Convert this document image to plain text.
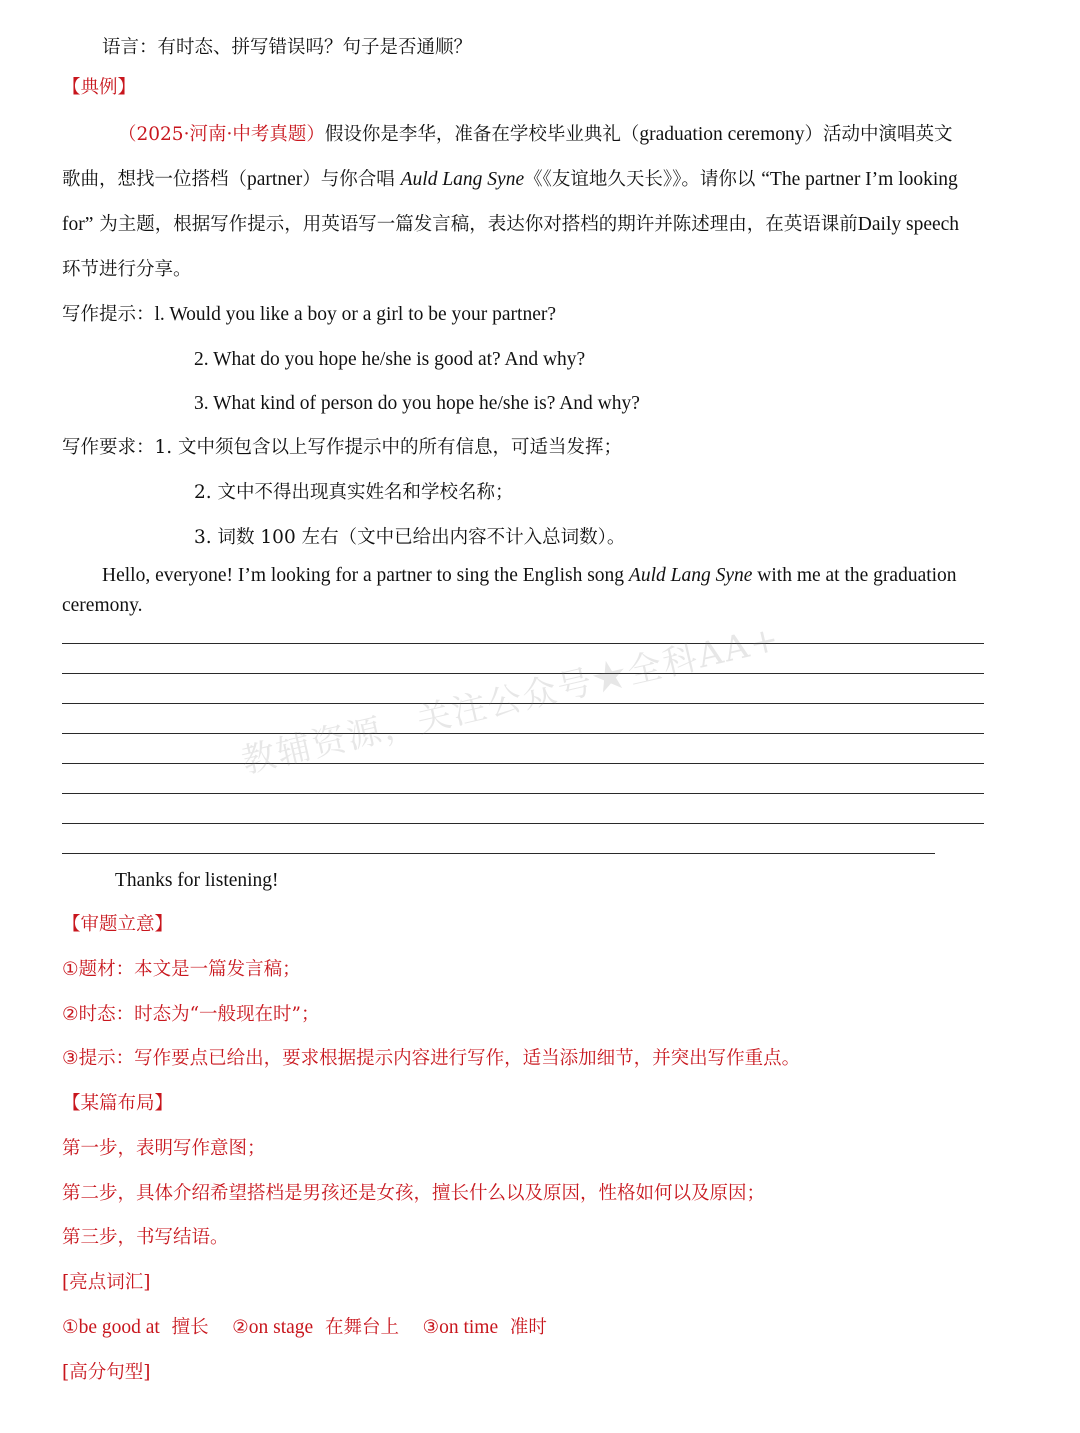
语言：有时态、拼写错误吗？句子是否通顺？
【典例】
（2025·河南·中考真题）假设你是李华，准备在学校毕业典礼（graduation ceremony）活动中演唱英文
歌曲，想找一位搭档（partner）与你合唱 Auld Lang Syne《《友谊地久天长》》。请你以 “The partner I’m looking
for” 为主题，根据写作提示，用英语写一篇发言稿，表达你对搭档的期许并陈述理由，在英语课前Daily speech
环节进行分享。
写作提示：l. Would you like a boy or a girl to be your partner?
2. What do you hope he/she is good at? And why?
3. What kind of person do you hope he/she is? And why?
写作要求：1. 文中须包含以上写作提示中的所有信息，可适当发挥；
2. 文中不得出现真实姓名和学校名称；
3. 词数 100 左右（文中已给出内容不计入总词数）。
Hello, everyone! I’m looking for a partner to sing the English song Auld Lang Syne with me at the graduation
ceremony.
教辅资源，关注公众号★全科AA+
Thanks for listening!
【审题立意】
①题材：本文是一篇发言稿；
②时态：时态为“一般现在时”；
③提示：写作要点已给出，要求根据提示内容进行写作，适当添加细节，并突出写作重点。
【某篇布局】
第一步，表明写作意图；
第二步，具体介绍希望搭档是男孩还是女孩，擅长什么以及原因，性格如何以及原因；
第三步，书写结语。
[亮点词汇]
①be good at 擅长 ②on stage 在舞台上 ③on time 准时
[高分句型]
